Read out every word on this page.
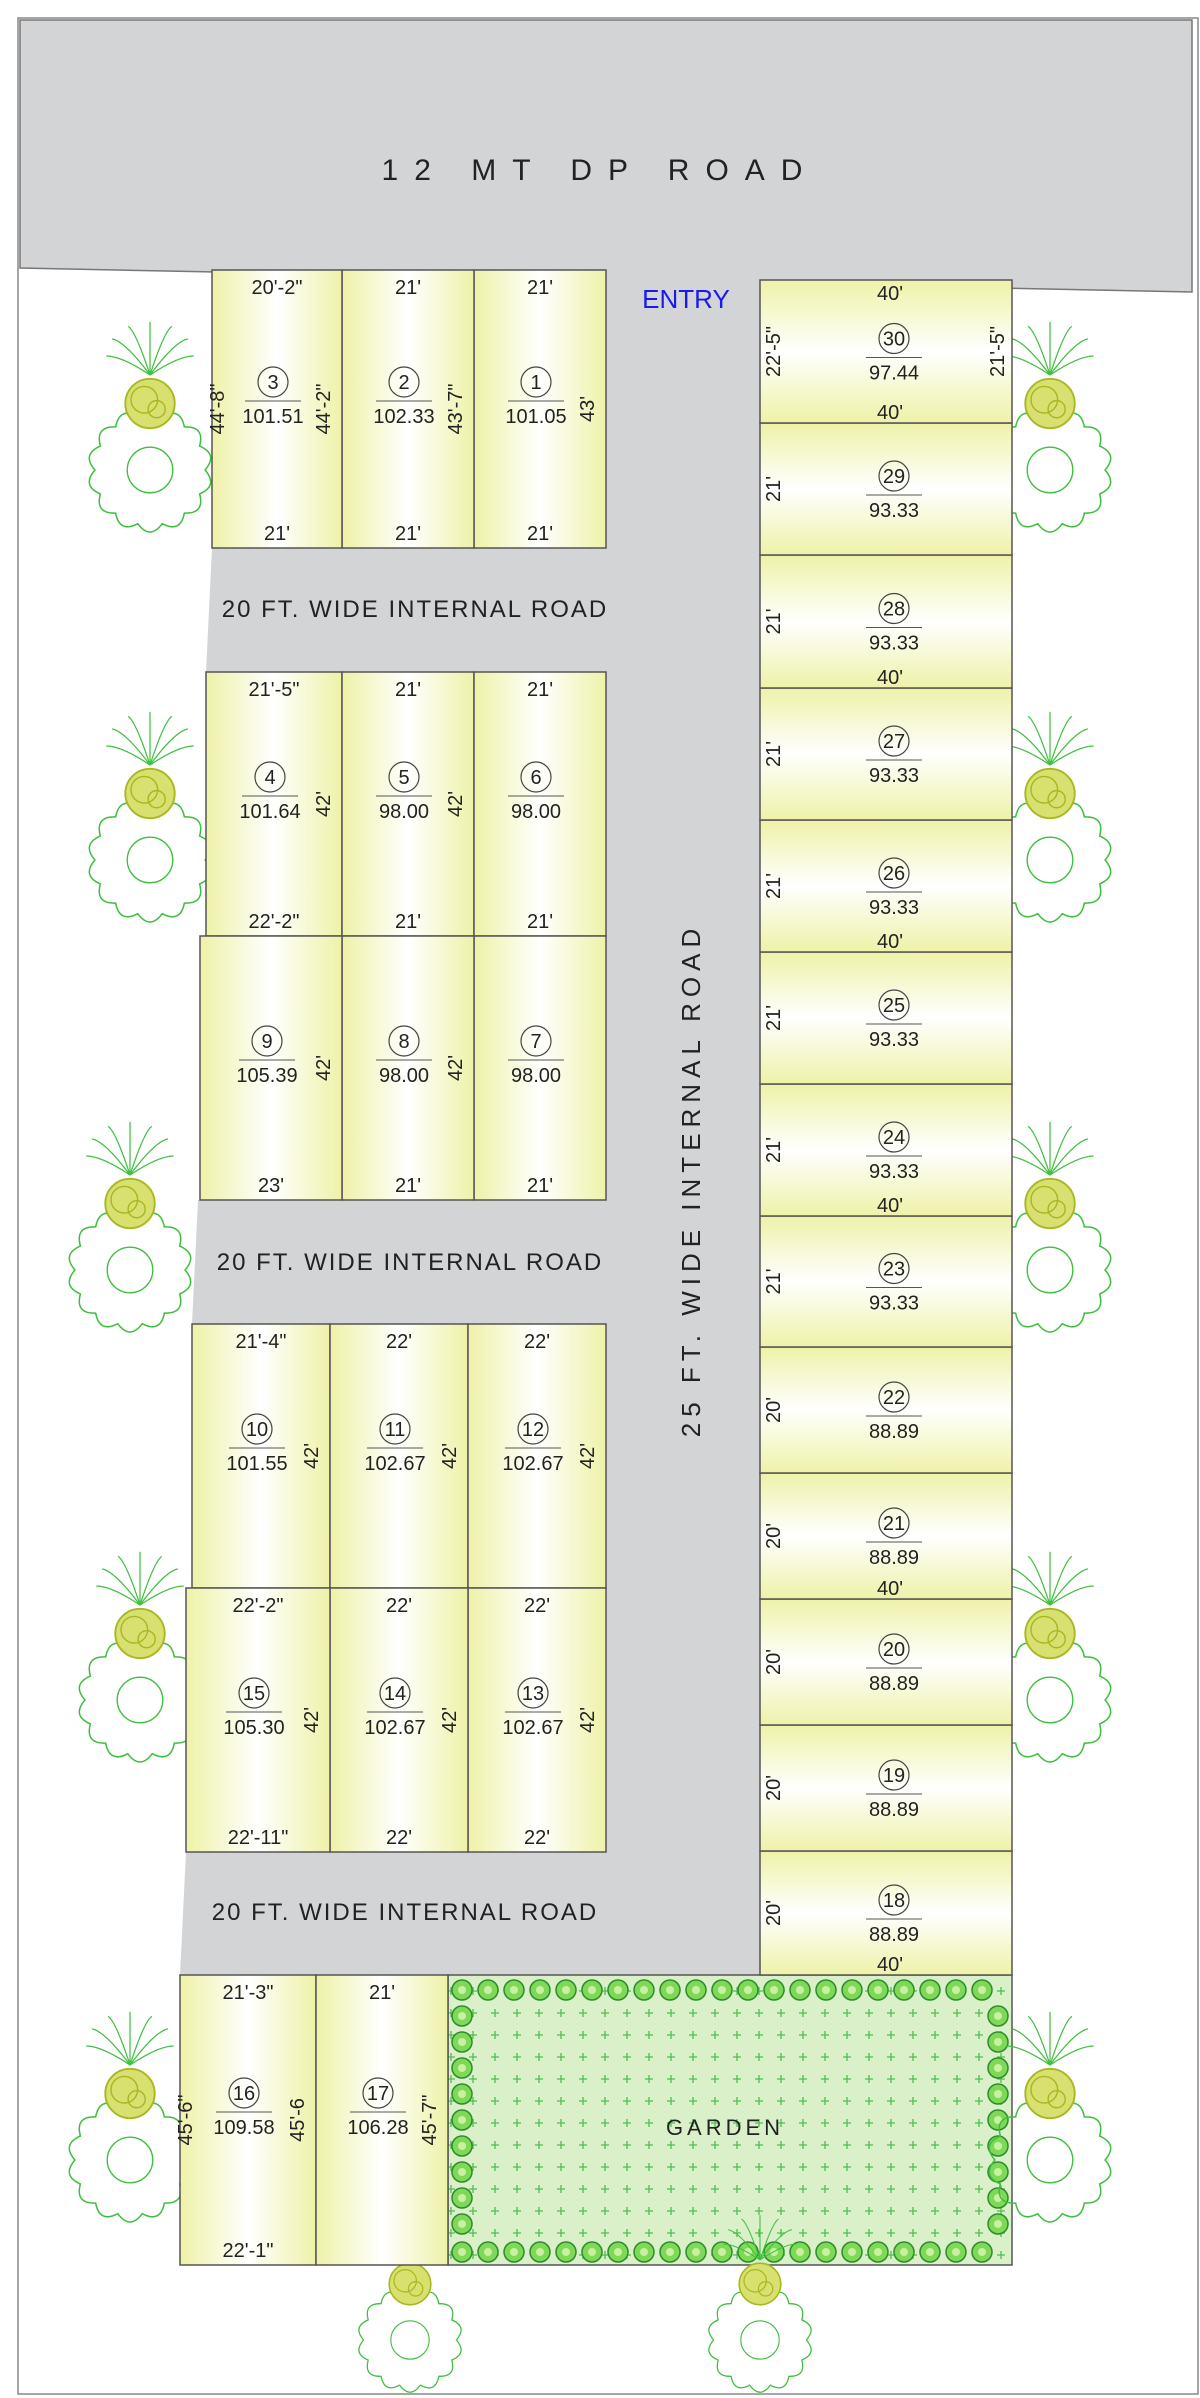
12 MT DP ROAD
ENTRY
20 FT. WIDE INTERNAL ROAD
20 FT. WIDE INTERNAL ROAD
20 FT. WIDE INTERNAL ROAD
25 FT. WIDE INTERNAL ROAD
GARDEN
1
101.05
21'
21'
43'
2
102.33
21'
21'
43'-7"
3
101.51
20'-2"
21'
44'-2"
44'-8"
4
101.64
21'-5"
22'-2"
42'
5
98.00
21'
21'
42'
6
98.00
21'
21'
7
98.00
21'
8
98.00
21'
42'
9
105.39
23'
42'
10
101.55
21'-4"
42'
11
102.67
22'
42'
12
102.67
22'
42'
13
102.67
22'
22'
42'
14
102.67
22'
22'
42'
15
105.30
22'-2"
22'-11"
42'
16
109.58
21'-3"
22'-1"
45'-6
45'-6"
17
106.28
21'
45'-7"
18
88.89
20'
40'
19
88.89
20'
20
88.89
20'
21
88.89
20'
40'
22
88.89
20'
23
93.33
21'
24
93.33
21'
40'
25
93.33
21'
26
93.33
21'
40'
27
93.33
21'
28
93.33
21'
40'
29
93.33
21'
30
97.44
22'-5"
40'
40'
21'-5"
